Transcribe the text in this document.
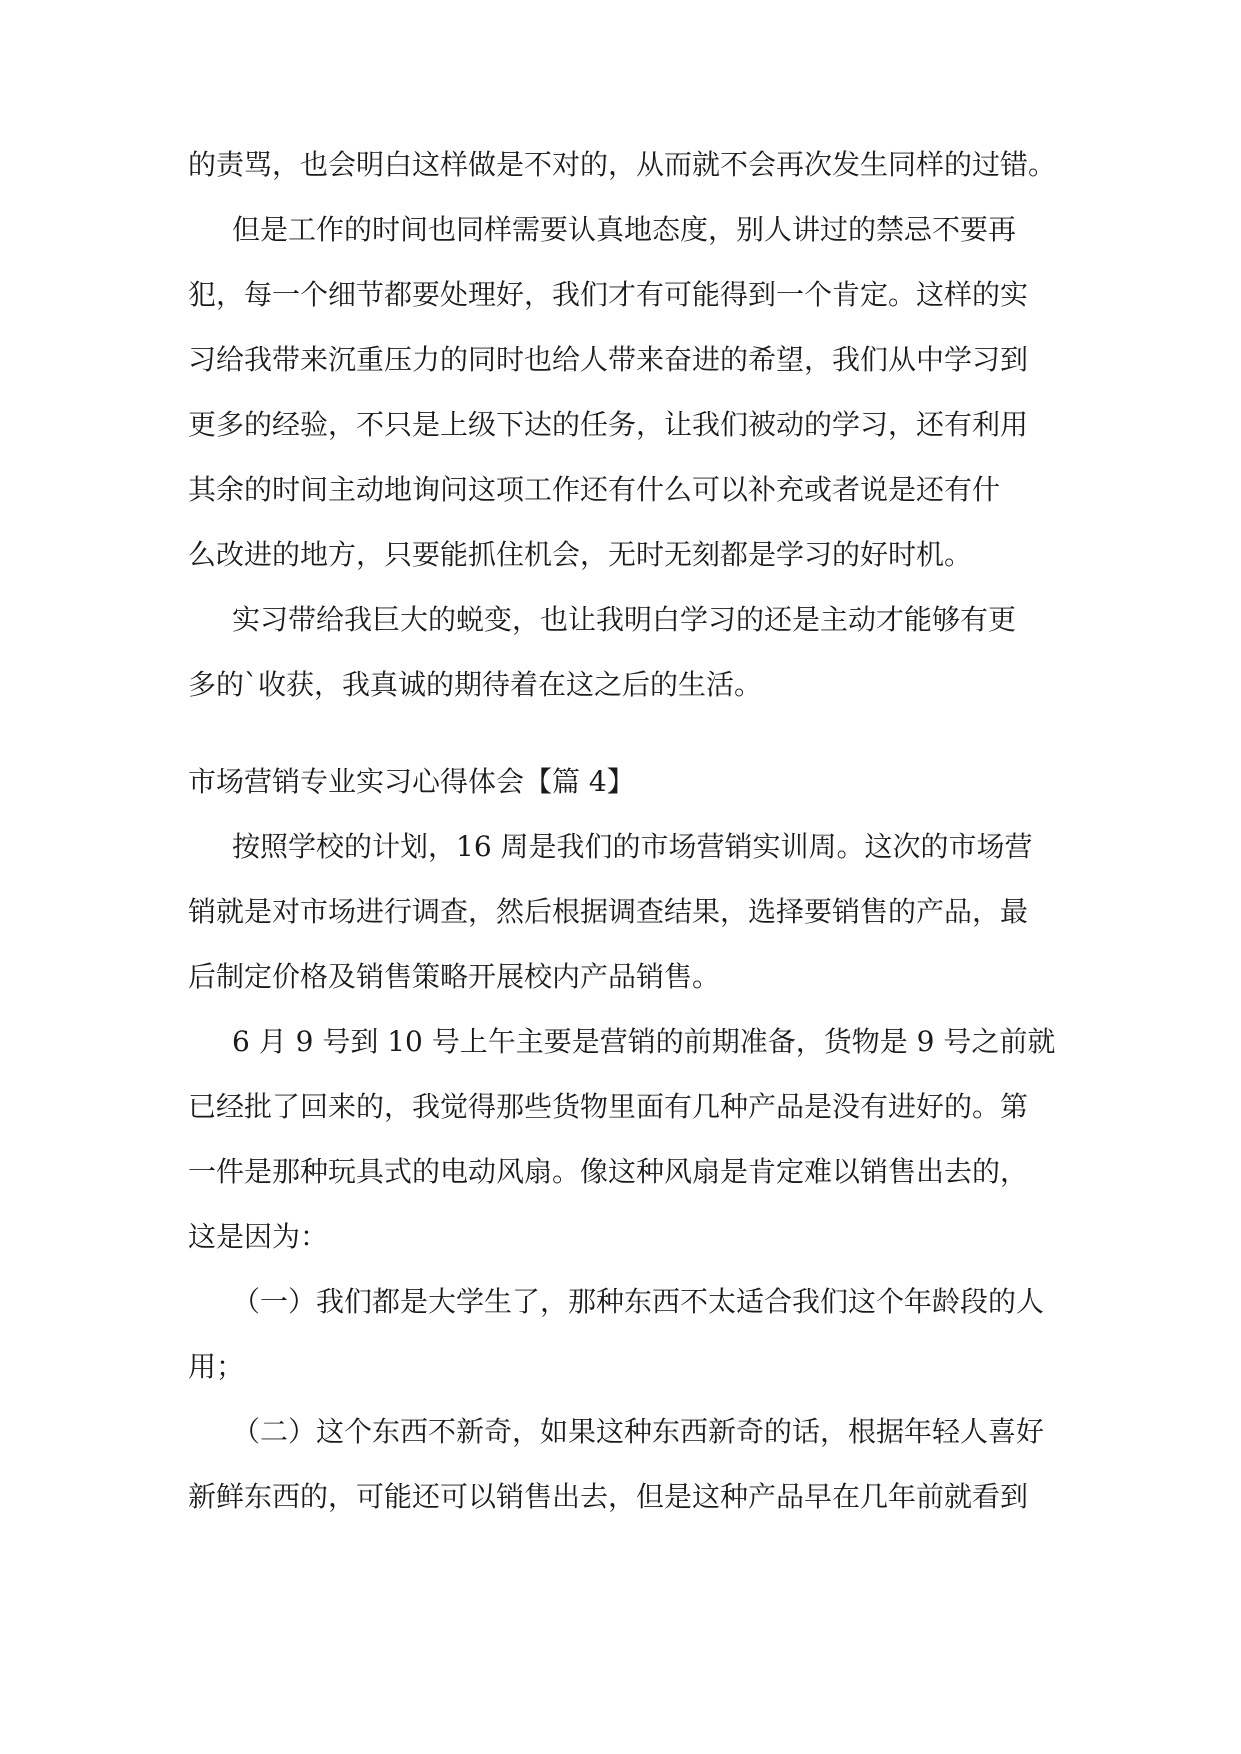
的责骂，也会明白这样做是不对的，从而就不会再次发生同样的过错。
但是工作的时间也同样需要认真地态度，别人讲过的禁忌不要再
犯，每一个细节都要处理好，我们才有可能得到一个肯定。这样的实
习给我带来沉重压力的同时也给人带来奋进的希望，我们从中学习到
更多的经验，不只是上级下达的任务，让我们被动的学习，还有利用
其余的时间主动地询问这项工作还有什么可以补充或者说是还有什
么改进的地方，只要能抓住机会，无时无刻都是学习的好时机。
实习带给我巨大的蜕变，也让我明白学习的还是主动才能够有更
多的`收获，我真诚的期待着在这之后的生活。
市场营销专业实习心得体会【篇 4】
按照学校的计划，16 周是我们的市场营销实训周。这次的市场营
销就是对市场进行调查，然后根据调查结果，选择要销售的产品，最
后制定价格及销售策略开展校内产品销售。
6 月 9 号到 10 号上午主要是营销的前期准备，货物是 9 号之前就
已经批了回来的，我觉得那些货物里面有几种产品是没有进好的。第
一件是那种玩具式的电动风扇。像这种风扇是肯定难以销售出去的，
这是因为：
（一）我们都是大学生了，那种东西不太适合我们这个年龄段的人
用；
（二）这个东西不新奇，如果这种东西新奇的话，根据年轻人喜好
新鲜东西的，可能还可以销售出去，但是这种产品早在几年前就看到
